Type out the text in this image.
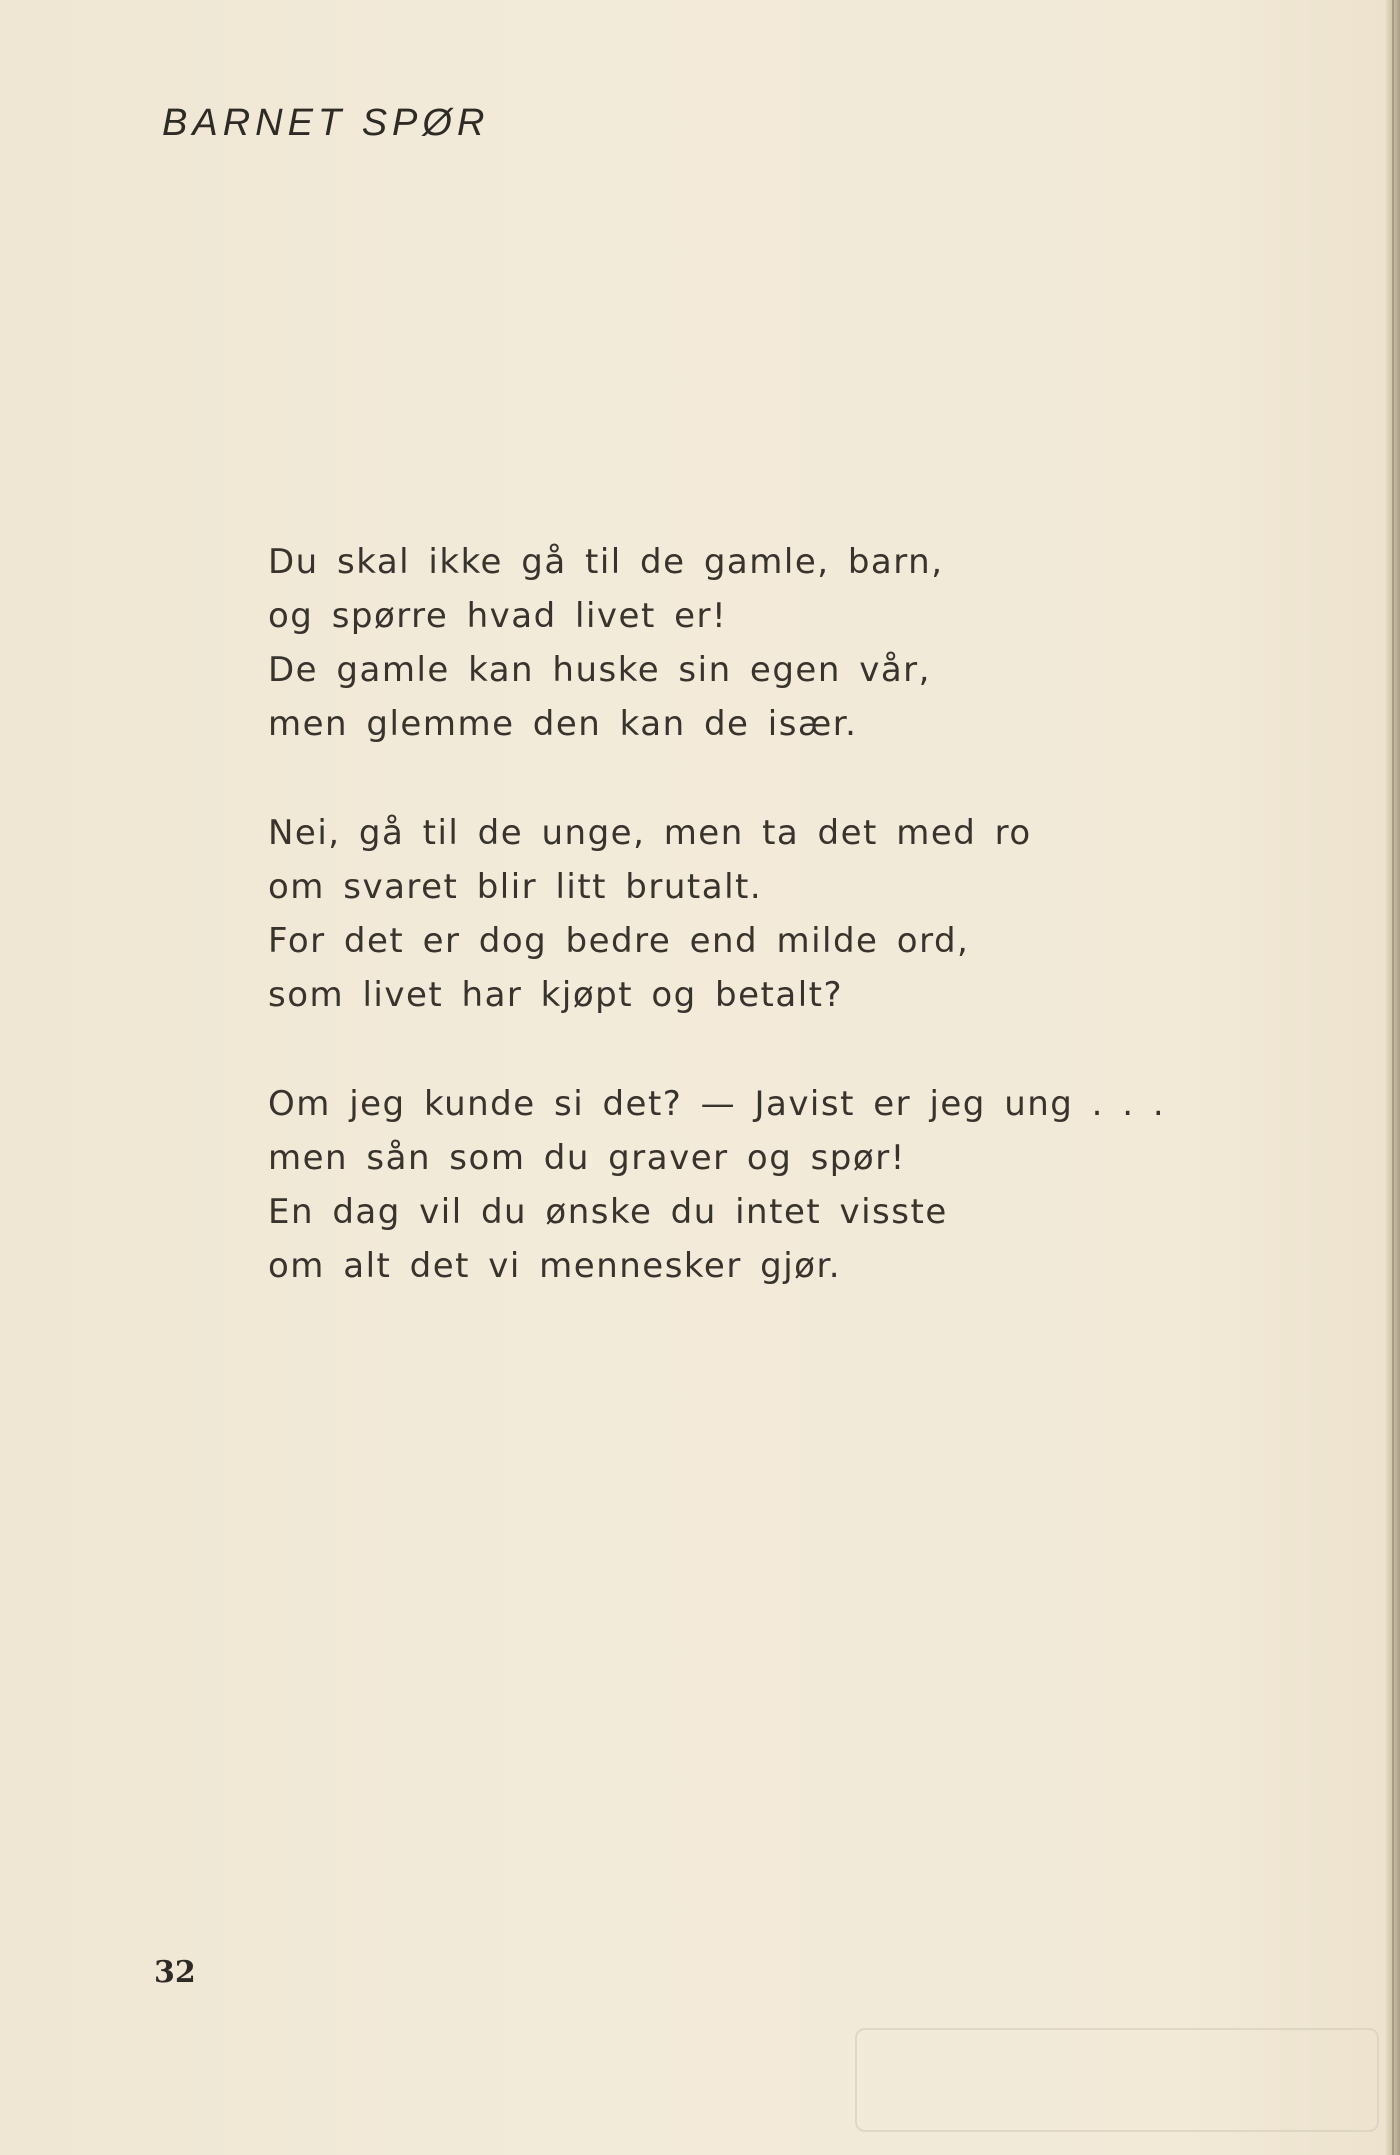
BARNET SPØR
Du skal ikke gå til de gamle, barn,
og spørre hvad livet er!
De gamle kan huske sin egen vår,
men glemme den kan de især.
Nei, gå til de unge, men ta det med ro
om svaret blir litt brutalt.
For det er dog bedre end milde ord,
som livet har kjøpt og betalt?
Om jeg kunde si det? — Javist er jeg ung . . .
men sån som du graver og spør!
En dag vil du ønske du intet visste
om alt det vi mennesker gjør.
32
